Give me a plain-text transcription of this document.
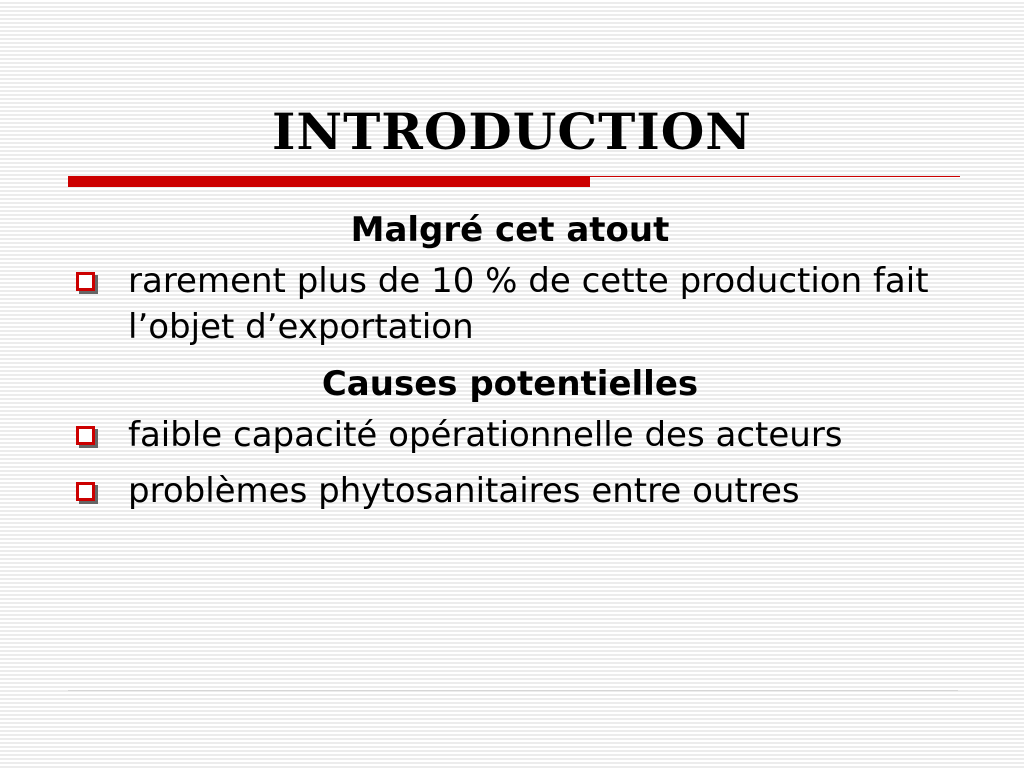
INTRODUCTION
Malgré cet atout
rarement plus de 10 % de cette production fait l’objet d’exportation
Causes potentielles
faible capacité opérationnelle des acteurs
problèmes phytosanitaires entre outres
